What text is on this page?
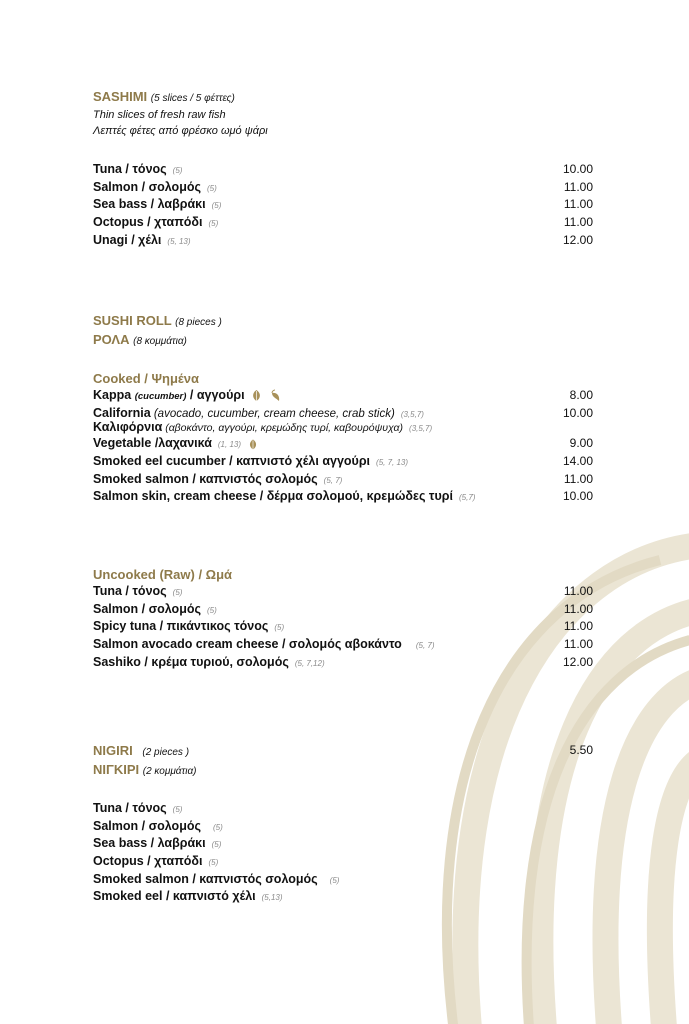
SASHIMI (5 slices / 5 φέττες)
Thin slices of fresh raw fish
Λεπτές φέτες από φρέσκο ωμό ψάρι
Tuna / τόνος (5)	10.00
Salmon / σολομός (5)	11.00
Sea bass / λαβράκι (5)	11.00
Octopus / χταπόδι (5)	11.00
Unagi / χέλι (5, 13)	12.00
SUSHI ROLL (8 pieces )
ΡΟΛΑ (8 κομμάτια)
Cooked / Ψημένα
Kappa (cucumber) / αγγούρι	8.00
California (avocado, cucumber, cream cheese, crab stick) (3,5,7)	10.00
Καλιφόρνια (αβοκάντο, αγγούρι, κρεμώδης τυρί, καβουρόψυχα) (3,5,7)
Vegetable /λαχανικά (1, 13)	9.00
Smoked eel cucumber / καπνιστό χέλι αγγούρι (5, 7, 13)	14.00
Smoked salmon / καπνιστός σολομός (5, 7)	11.00
Salmon skin, cream cheese / δέρμα σολομού, κρεμώδες τυρί (5,7)	10.00
Uncooked (Raw) / Ωμά
Tuna / τόνος (5)	11.00
Salmon / σολομός (5)	11.00
Spicy tuna / πικάντικος τόνος (5)	11.00
Salmon avocado cream cheese / σολομός αβοκάντο (5, 7)	11.00
Sashiko / κρέμα τυριού, σολομός (5, 7,12)	12.00
NIGIRI (2 pieces )	5.50
ΝΙΓΚΙΡΙ (2 κομμάτια)
Tuna / τόνος (5)
Salmon / σολομός (5)
Sea bass / λαβράκι (5)
Octopus / χταπόδι (5)
Smoked salmon / καπνιστός σολομός (5)
Smoked eel / καπνιστό χέλι (5,13)
